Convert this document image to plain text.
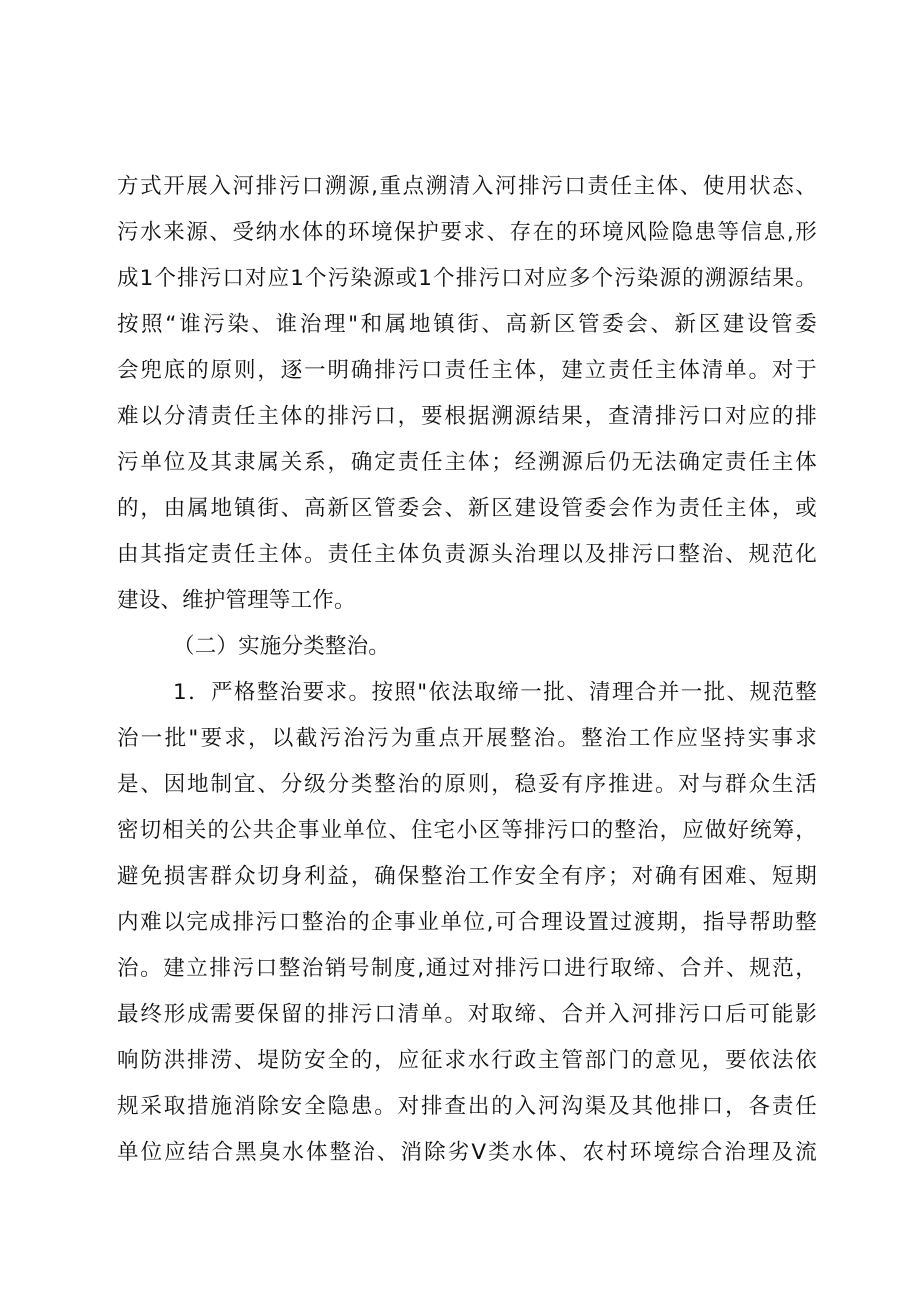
方式开展入河排污口溯源,重点溯清入河排污口责任主体、使用状态、
污水来源、受纳水体的环境保护要求、存在的环境风险隐患等信息,形
成1个排污口对应1个污染源或1个排污口对应多个污染源的溯源结果。
按照“谁污染、谁治理"和属地镇街、高新区管委会、新区建设管委
会兜底的原则，逐一明确排污口责任主体，建立责任主体清单。对于
难以分清责任主体的排污口，要根据溯源结果，查清排污口对应的排
污单位及其隶属关系，确定责任主体；经溯源后仍无法确定责任主体
的，由属地镇街、高新区管委会、新区建设管委会作为责任主体，或
由其指定责任主体。责任主体负责源头治理以及排污口整治、规范化
建设、维护管理等工作。
（二）实施分类整治。
1．严格整治要求。按照"依法取缔一批、清理合并一批、规范整
治一批"要求，以截污治污为重点开展整治。整治工作应坚持实事求
是、因地制宜、分级分类整治的原则，稳妥有序推进。对与群众生活
密切相关的公共企事业单位、住宅小区等排污口的整治，应做好统筹，
避免损害群众切身利益，确保整治工作安全有序；对确有困难、短期
内难以完成排污口整治的企事业单位,可合理设置过渡期，指导帮助整
治。建立排污口整治销号制度,通过对排污口进行取缔、合并、规范，
最终形成需要保留的排污口清单。对取缔、合并入河排污口后可能影
响防洪排涝、堤防安全的，应征求水行政主管部门的意见，要依法依
规采取措施消除安全隐患。对排查出的入河沟渠及其他排口，各责任
单位应结合黑臭水体整治、消除劣V类水体、农村环境综合治理及流
